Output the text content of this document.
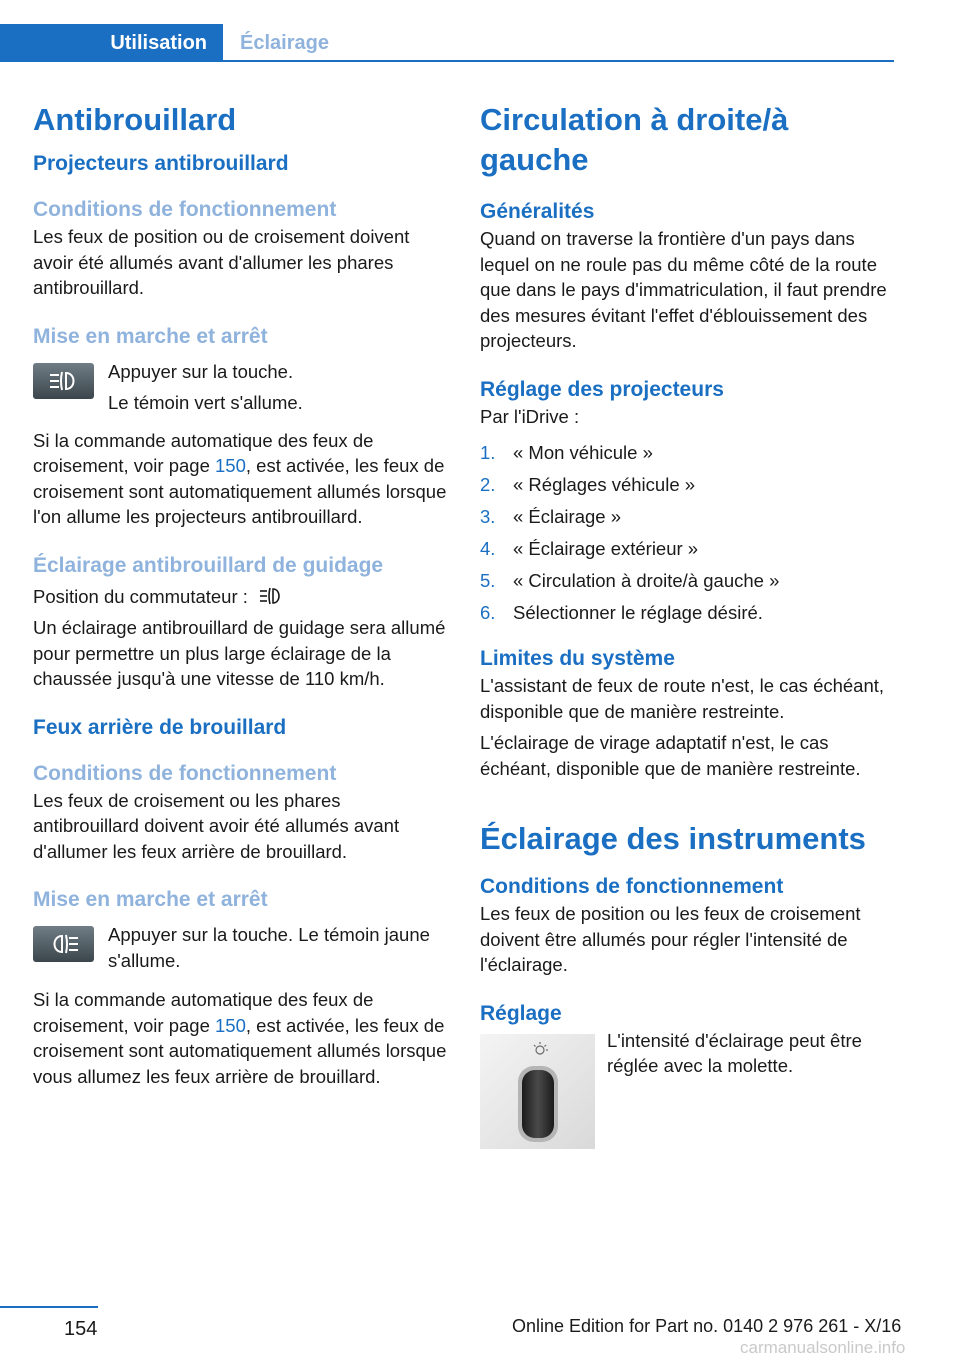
Utilisation	Éclairage
Antibrouillard
Projecteurs antibrouillard
Conditions de fonctionnement

Les feux de position ou de croisement doivent avoir été allumés avant d'allumer les phares antibrouillard.

Mise en marche et arrêt

Appuyer sur la touche.

Le témoin vert s'allume.

Si la commande automatique des feux de croisement, voir page 150, est activée, les feux de croisement sont automatiquement allumés lorsque l'on allume les projecteurs antibrouillard.

Éclairage antibrouillard de guidage

Position du commutateur :

Un éclairage antibrouillard de guidage sera allumé pour permettre un plus large éclairage de la chaussée jusqu'à une vitesse de 110 km/h.

Feux arrière de brouillard
Conditions de fonctionnement

Les feux de croisement ou les phares antibrouillard doivent avoir été allumés avant d'allumer les feux arrière de brouillard.

Mise en marche et arrêt

Appuyer sur la touche. Le témoin jaune s'allume.

Si la commande automatique des feux de croisement, voir page 150, est activée, les feux de croisement sont automatiquement allumés lorsque vous allumez les feux arrière de brouillard.

Circulation à droite/à gauche
Généralités

Quand on traverse la frontière d'un pays dans lequel on ne roule pas du même côté de la route que dans le pays d'immatriculation, il faut prendre des mesures évitant l'effet d'éblouissement des projecteurs.

Réglage des projecteurs

Par l'iDrive :

1. « Mon véhicule »
2. « Réglages véhicule »
3. « Éclairage »
4. « Éclairage extérieur »
5. « Circulation à droite/à gauche »
6. Sélectionner le réglage désiré.
Limites du système

L'assistant de feux de route n'est, le cas échéant, disponible que de manière restreinte.

L'éclairage de virage adaptatif n'est, le cas échéant, disponible que de manière restreinte.

Éclairage des instruments
Conditions de fonctionnement

Les feux de position ou les feux de croisement doivent être allumés pour régler l'intensité de l'éclairage.

Réglage

L'intensité d'éclairage peut être réglée avec la molette.

154	Online Edition for Part no. 0140 2 976 261 - X/16
carmanualsonline.info
